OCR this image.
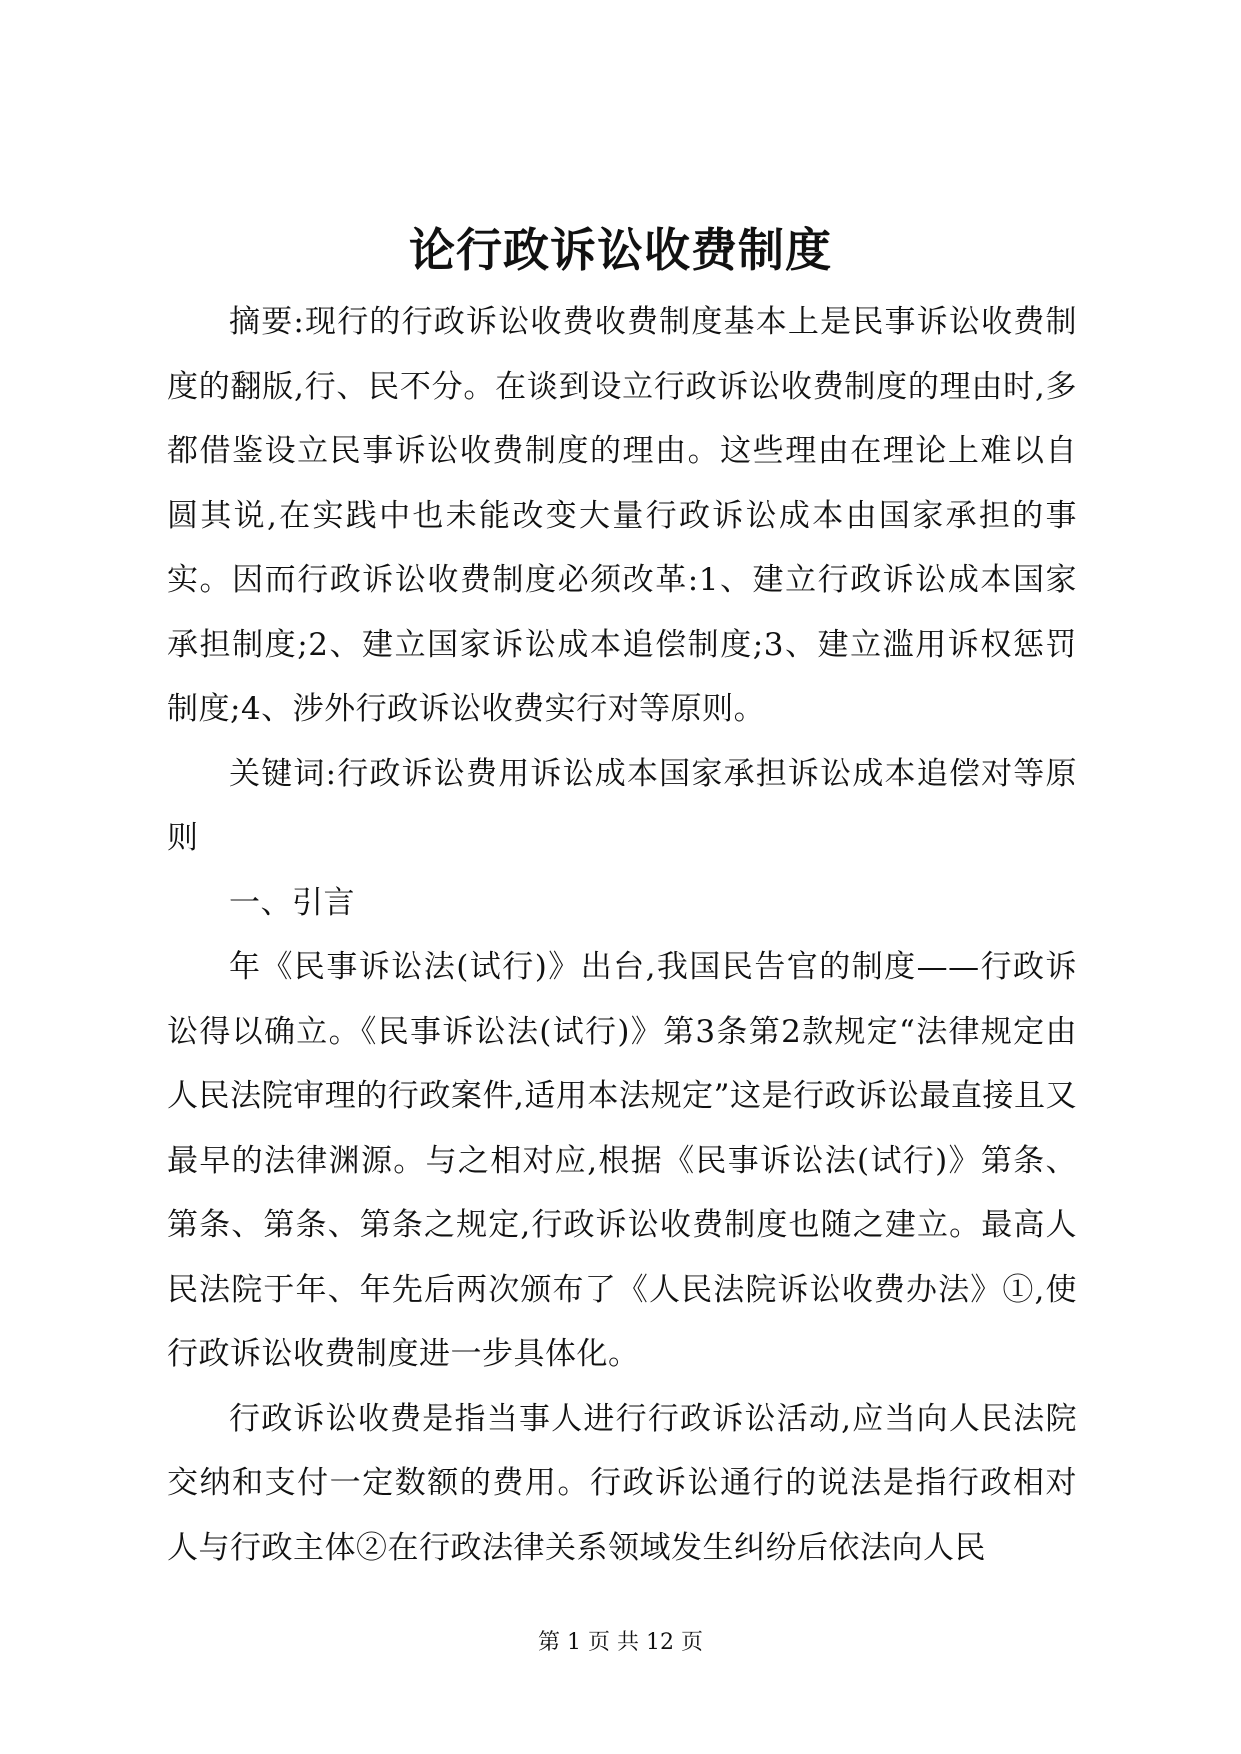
论行政诉讼收费制度

摘要:现行的行政诉讼收费收费制度基本上是民事诉讼收费制度的翻版,行、民不分。在谈到设立行政诉讼收费制度的理由时,多都借鉴设立民事诉讼收费制度的理由。这些理由在理论上难以自圆其说,在实践中也未能改变大量行政诉讼成本由国家承担的事实。因而行政诉讼收费制度必须改革:1、建立行政诉讼成本国家承担制度;2、建立国家诉讼成本追偿制度;3、建立滥用诉权惩罚制度;4、涉外行政诉讼收费实行对等原则。

关键词:行政诉讼费用诉讼成本国家承担诉讼成本追偿对等原则

一、引言

年《民事诉讼法(试行)》出台,我国民告官的制度——行政诉讼得以确立。《民事诉讼法(试行)》第3条第2款规定“法律规定由人民法院审理的行政案件,适用本法规定”这是行政诉讼最直接且又最早的法律渊源。与之相对应,根据《民事诉讼法(试行)》第条、第条、第条、第条之规定,行政诉讼收费制度也随之建立。最高人民法院于年、年先后两次颁布了《人民法院诉讼收费办法》①,使行政诉讼收费制度进一步具体化。

行政诉讼收费是指当事人进行行政诉讼活动,应当向人民法院交纳和支付一定数额的费用。行政诉讼通行的说法是指行政相对人与行政主体②在行政法律关系领域发生纠纷后依法向人民

第 1 页 共 12 页
